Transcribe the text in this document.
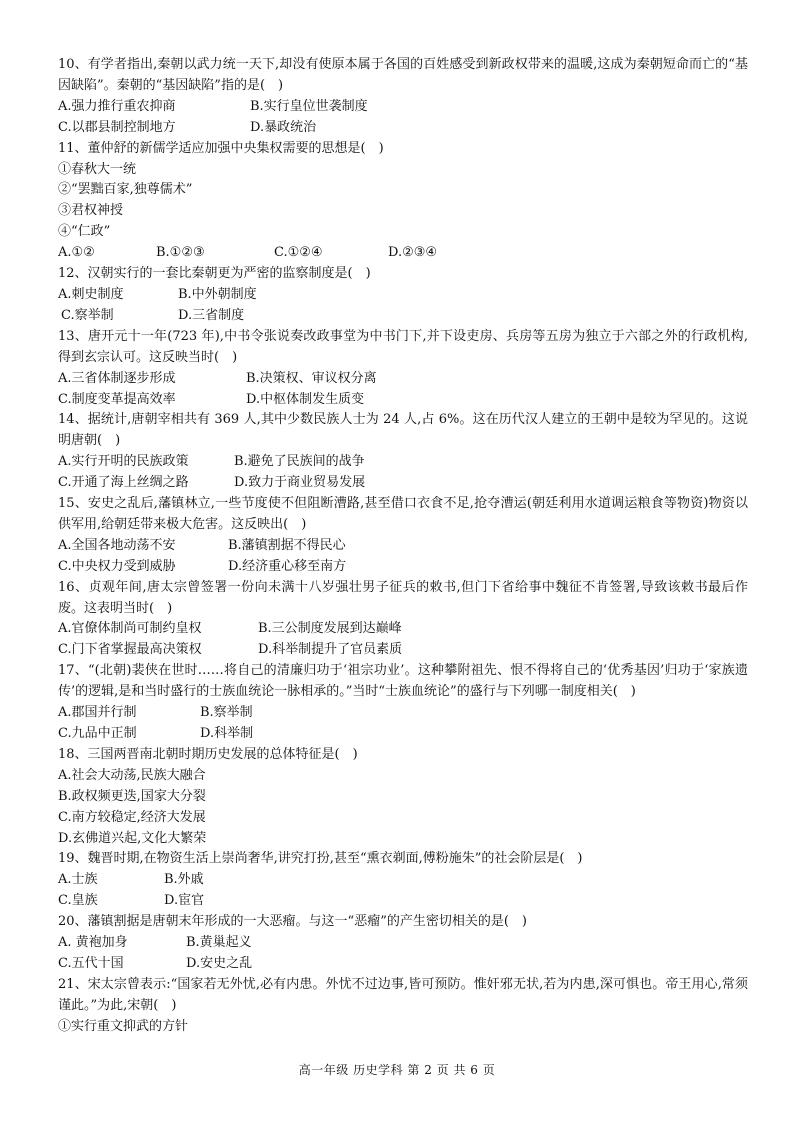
10、有学者指出,秦朝以武力统一天下,却没有使原本属于各国的百姓感受到新政权带来的温暖,这成为秦朝短命而亡的“基因缺陷”。秦朝的“基因缺陷”指的是(　)
A.强力推行重农抑商	B.实行皇位世袭制度
C.以郡县制控制地方	D.暴政统治
11、董仲舒的新儒学适应加强中央集权需要的思想是(　)
①春秋大一统
②“罢黜百家,独尊儒术”
③君权神授
④“仁政”
A.①②	B.①②③	C.①②④	D.②③④
12、汉朝实行的一套比秦朝更为严密的监察制度是(　)
A.刺史制度	B.中外朝制度
C.察举制	D.三省制度
13、唐开元十一年(723 年),中书令张说奏改政事堂为中书门下,并下设吏房、兵房等五房为独立于六部之外的行政机构,得到玄宗认可。这反映当时(　)
A.三省体制逐步形成	B.决策权、审议权分离
C.制度变革提高效率	D.中枢体制发生质变
14、据统计,唐朝宰相共有 369 人,其中少数民族人士为 24 人,占 6%。这在历代汉人建立的王朝中是较为罕见的。这说明唐朝(　)
A.实行开明的民族政策	B.避免了民族间的战争
C.开通了海上丝绸之路	D.致力于商业贸易发展
15、安史之乱后,藩镇林立,一些节度使不但阻断漕路,甚至借口衣食不足,抢夺漕运(朝廷利用水道调运粮食等物资)物资以供军用,给朝廷带来极大危害。这反映出(　)
A.全国各地动荡不安	B.藩镇割据不得民心
C.中央权力受到威胁	D.经济重心移至南方
16、贞观年间,唐太宗曾签署一份向未满十八岁强壮男子征兵的敕书,但门下省给事中魏征不肯签署,导致该敕书最后作废。这表明当时(　)
A.官僚体制尚可制约皇权	B.三公制度发展到达巅峰
C.门下省掌握最高决策权	D.科举制提升了官员素质
17、“(北朝)裴侠在世时……将自己的清廉归功于‘祖宗功业’。这种攀附祖先、恨不得将自己的‘优秀基因’归功于‘家族遗传’的逻辑,是和当时盛行的士族血统论一脉相承的。”当时“士族血统论”的盛行与下列哪一制度相关(　)
A.郡国并行制	B.察举制
C.九品中正制	D.科举制
18、三国两晋南北朝时期历史发展的总体特征是(　)
A.社会大动荡,民族大融合
B.政权频更迭,国家大分裂
C.南方较稳定,经济大发展
D.玄佛道兴起,文化大繁荣
19、魏晋时期,在物资生活上崇尚奢华,讲究打扮,甚至“熏衣剃面,傅粉施朱”的社会阶层是(　)
A.士族	B.外戚
C.皇族	D.宦官
20、藩镇割据是唐朝末年形成的一大恶瘤。与这一“恶瘤”的产生密切相关的是(　)
A. 黄袍加身	B.黄巢起义
C.五代十国	D.安史之乱
21、宋太宗曾表示:“国家若无外忧,必有内患。外忧不过边事,皆可预防。惟奸邪无状,若为内患,深可惧也。帝王用心,常须谨此。”为此,宋朝(　)
①实行重文抑武的方针
高一年级 历史学科 第 2 页 共 6 页
